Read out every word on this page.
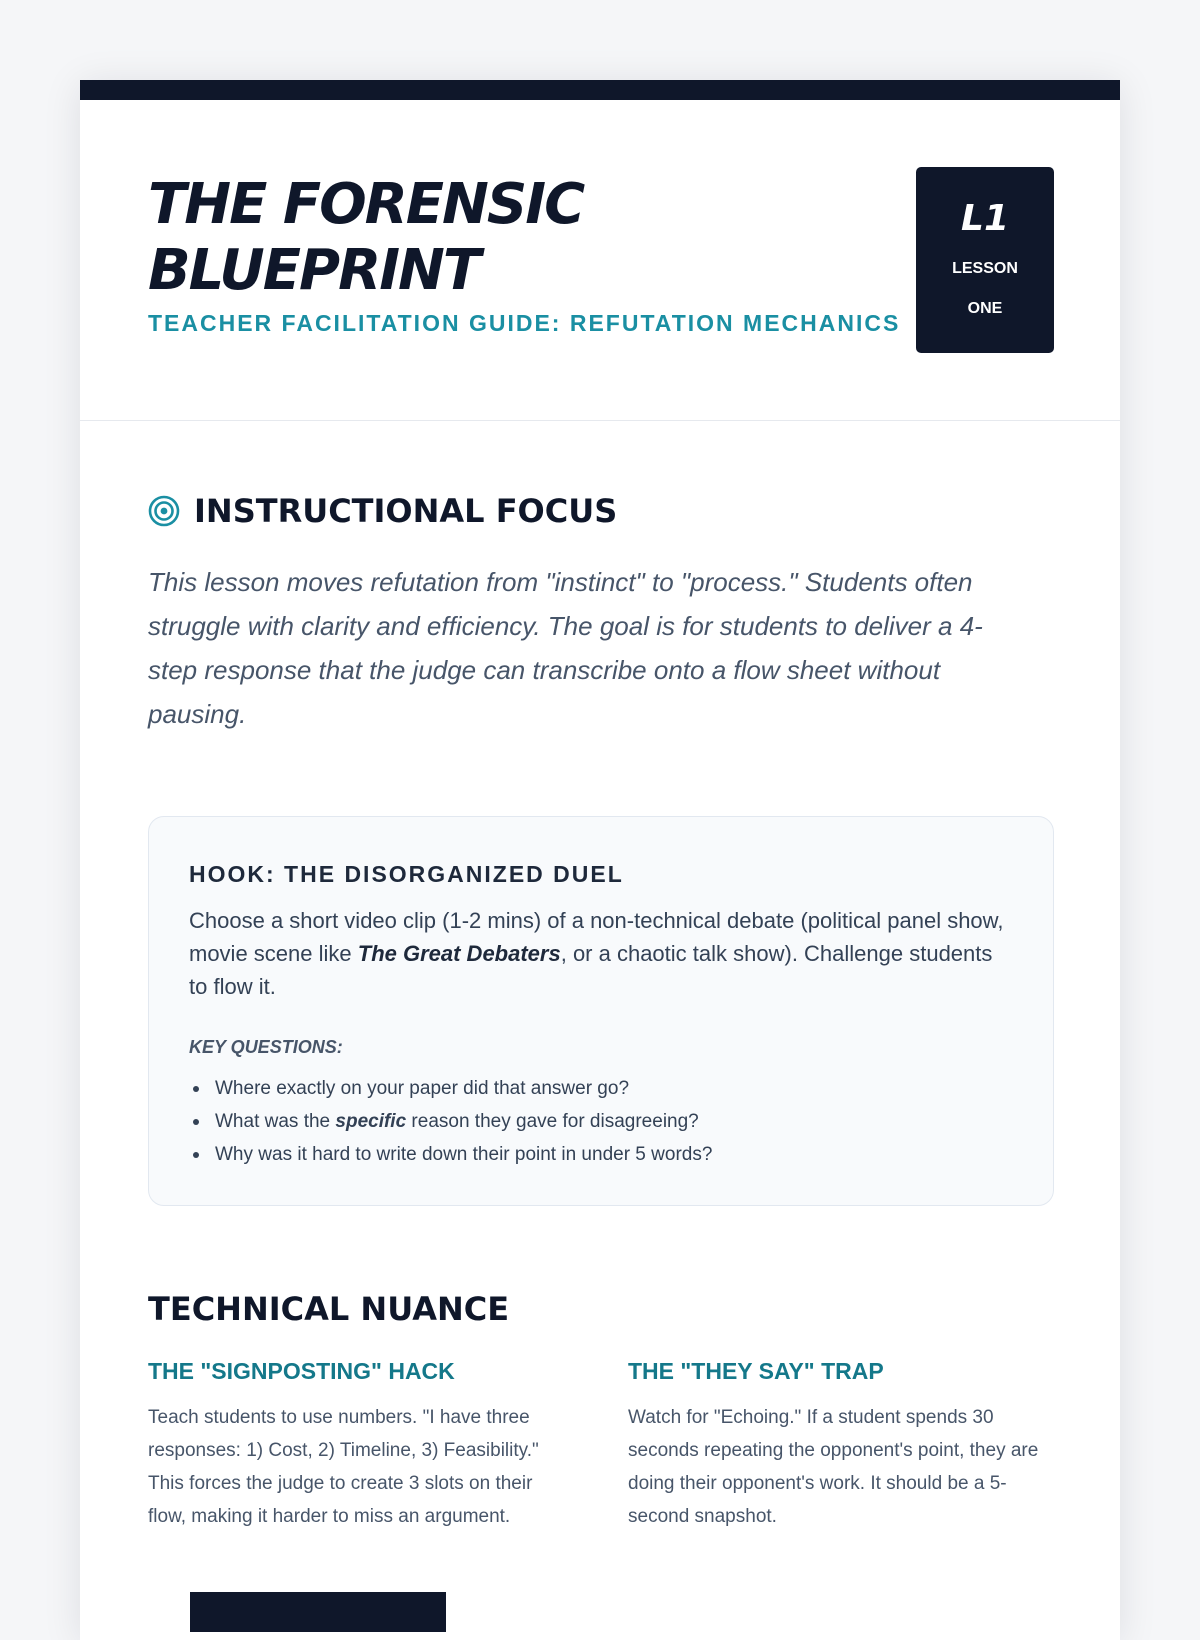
THE FORENSIC
BLUEPRINT
TEACHER FACILITATION GUIDE: REFUTATION MECHANICS
L1
LESSON ONE
INSTRUCTIONAL FOCUS

This lesson moves refutation from "instinct" to "process." Students often struggle with clarity and efficiency. The goal is for students to deliver a 4-step response that the judge can transcribe onto a flow sheet without pausing.

HOOK: THE DISORGANIZED DUEL

Choose a short video clip (1-2 mins) of a non-technical debate (political panel show, movie scene like The Great Debaters, or a chaotic talk show). Challenge students to flow it.

KEY QUESTIONS:
Where exactly on your paper did that answer go?
What was the specific reason they gave for disagreeing?
Why was it hard to write down their point in under 5 words?
TECHNICAL NUANCE
THE "SIGNPOSTING" HACK

Teach students to use numbers. "I have three responses: 1) Cost, 2) Timeline, 3) Feasibility." This forces the judge to create 3 slots on their flow, making it harder to miss an argument.

THE "THEY SAY" TRAP

Watch for "Echoing." If a student spends 30 seconds repeating the opponent's point, they are doing their opponent's work. It should be a 5-second snapshot.
